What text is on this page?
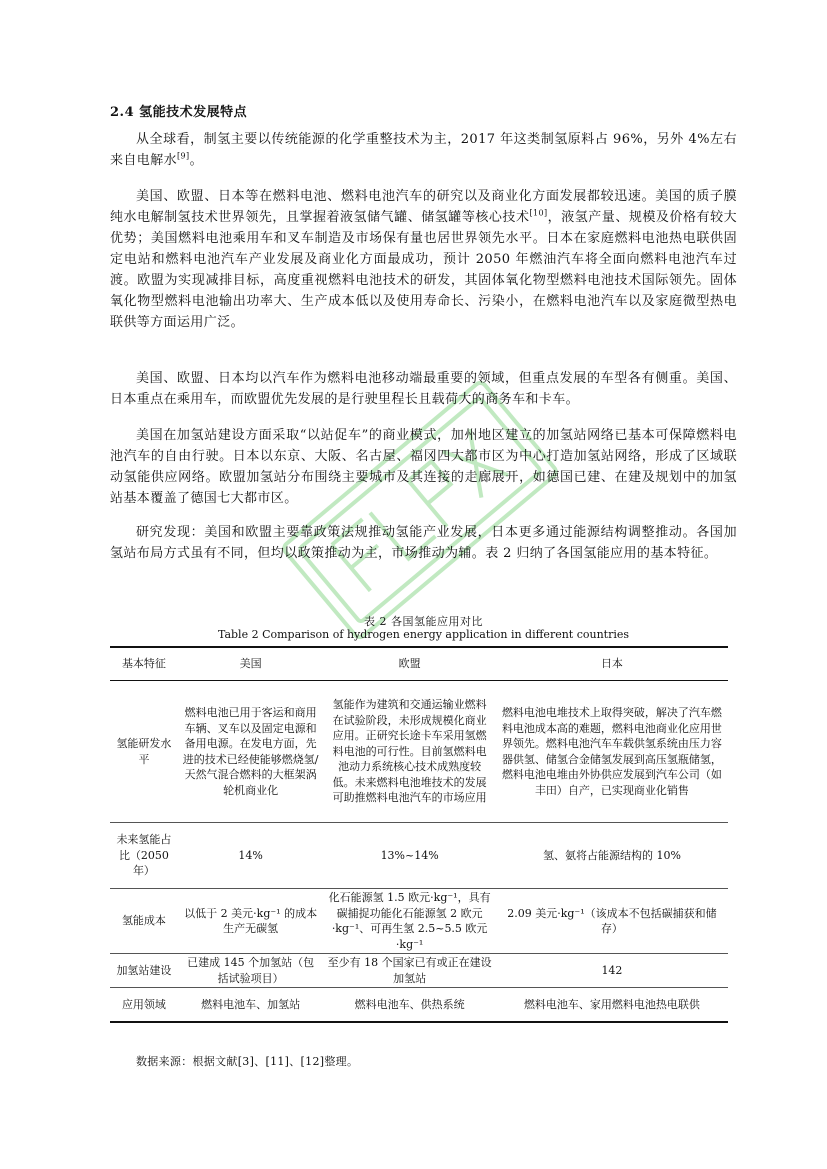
2.4 氢能技术发展特点

从全球看，制氢主要以传统能源的化学重整技术为主，2017 年这类制氢原料占 96%，另外 4%左右来自电解水[9]。

美国、欧盟、日本等在燃料电池、燃料电池汽车的研究以及商业化方面发展都较迅速。美国的质子膜纯水电解制氢技术世界领先，且掌握着液氢储气罐、储氢罐等核心技术[10]，液氢产量、规模及价格有较大优势；美国燃料电池乘用车和叉车制造及市场保有量也居世界领先水平。日本在家庭燃料电池热电联供固定电站和燃料电池汽车产业发展及商业化方面最成功，预计 2050 年燃油汽车将全面向燃料电池汽车过渡。欧盟为实现减排目标，高度重视燃料电池技术的研发，其固体氧化物型燃料电池技术国际领先。固体氧化物型燃料电池输出功率大、生产成本低以及使用寿命长、污染小，在燃料电池汽车以及家庭微型热电联供等方面运用广泛。

美国、欧盟、日本均以汽车作为燃料电池移动端最重要的领域，但重点发展的车型各有侧重。美国、日本重点在乘用车，而欧盟优先发展的是行驶里程长且载荷大的商务车和卡车。

美国在加氢站建设方面采取“以站促车”的商业模式，加州地区建立的加氢站网络已基本可保障燃料电池汽车的自由行驶。日本以东京、大阪、名古屋、福冈四大都市区为中心打造加氢站网络，形成了区域联动氢能供应网络。欧盟加氢站分布围绕主要城市及其连接的走廊展开，如德国已建、在建及规划中的加氢站基本覆盖了德国七大都市区。

研究发现：美国和欧盟主要靠政策法规推动氢能产业发展，日本更多通过能源结构调整推动。各国加氢站布局方式虽有不同，但均以政策推动为主，市场推动为辅。表 2 归纳了各国氢能应用的基本特征。

表 2 各国氢能应用对比
Table 2 Comparison of hydrogen energy application in different countries
基本特征	美国	欧盟	日本
氢能研发水平	燃料电池已用于客运和商用车辆、叉车以及固定电源和备用电源。在发电方面，先进的技术已经使能够燃烧氢/天然气混合燃料的大框架涡轮机商业化	氢能作为建筑和交通运输业燃料在试验阶段，未形成规模化商业应用。正研究长途卡车采用氢燃料电池的可行性。目前氢燃料电池动力系统核心技术成熟度较低。未来燃料电池堆技术的发展可助推燃料电池汽车的市场应用	燃料电池电堆技术上取得突破，解决了汽车燃料电池成本高的难题，燃料电池商业化应用世界领先。燃料电池汽车车载供氢系统由压力容器供氢、储氢合金储氢发展到高压氢瓶储氢，燃料电池电堆由外协供应发展到汽车公司（如丰田）自产，已实现商业化销售
未来氢能占比（2050年）	14%	13%~14%	氢、氨将占能源结构的 10%
氢能成本	以低于 2 美元·kg⁻¹ 的成本生产无碳氢	化石能源氢 1.5 欧元·kg⁻¹，具有碳捕捉功能化石能源氢 2 欧元·kg⁻¹、可再生氢 2.5~5.5 欧元·kg⁻¹	2.09 美元·kg⁻¹（该成本不包括碳捕获和储存）
加氢站建设	已建成 145 个加氢站（包括试验项目）	至少有 18 个国家已有或正在建设加氢站	142
应用领域	燃料电池车、加氢站	燃料电池车、供热系统	燃料电池车、家用燃料电池热电联供
数据来源：根据文献[3]、[11]、[12]整理。
